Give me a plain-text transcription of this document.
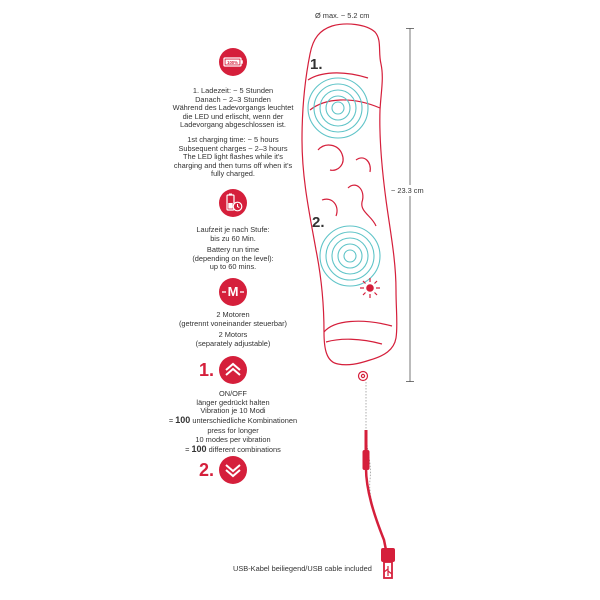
100%
1. Ladezeit: ~ 5 Stunden
Danach ~ 2–3 Stunden
Während des Ladevorgangs leuchtet
die LED und erlischt, wenn der
Ladevorgang abgeschlossen ist.
1st charging time: ~ 5 hours
Subsequent charges ~ 2–3 hours
The LED light flashes while it's
charging and then turns off when it's
fully charged.
Laufzeit je nach Stufe:
bis zu 60 Min.
Battery run time
(depending on the level):
up to 60 mins.
M
2 Motoren
(getrennt voneinander steuerbar)
2 Motors
(separately adjustable)
1.
ON/OFF
länger gedrückt halten
Vibration je 10 Modi
= 100 unterschiedliche Kombinationen
press for longer
10 modes per vibration
= 100 different combinations
2.
Ø max. ~ 5.2 cm
~ 23.3 cm
1.
2.
USB-Kabel beiliegend/USB cable included
